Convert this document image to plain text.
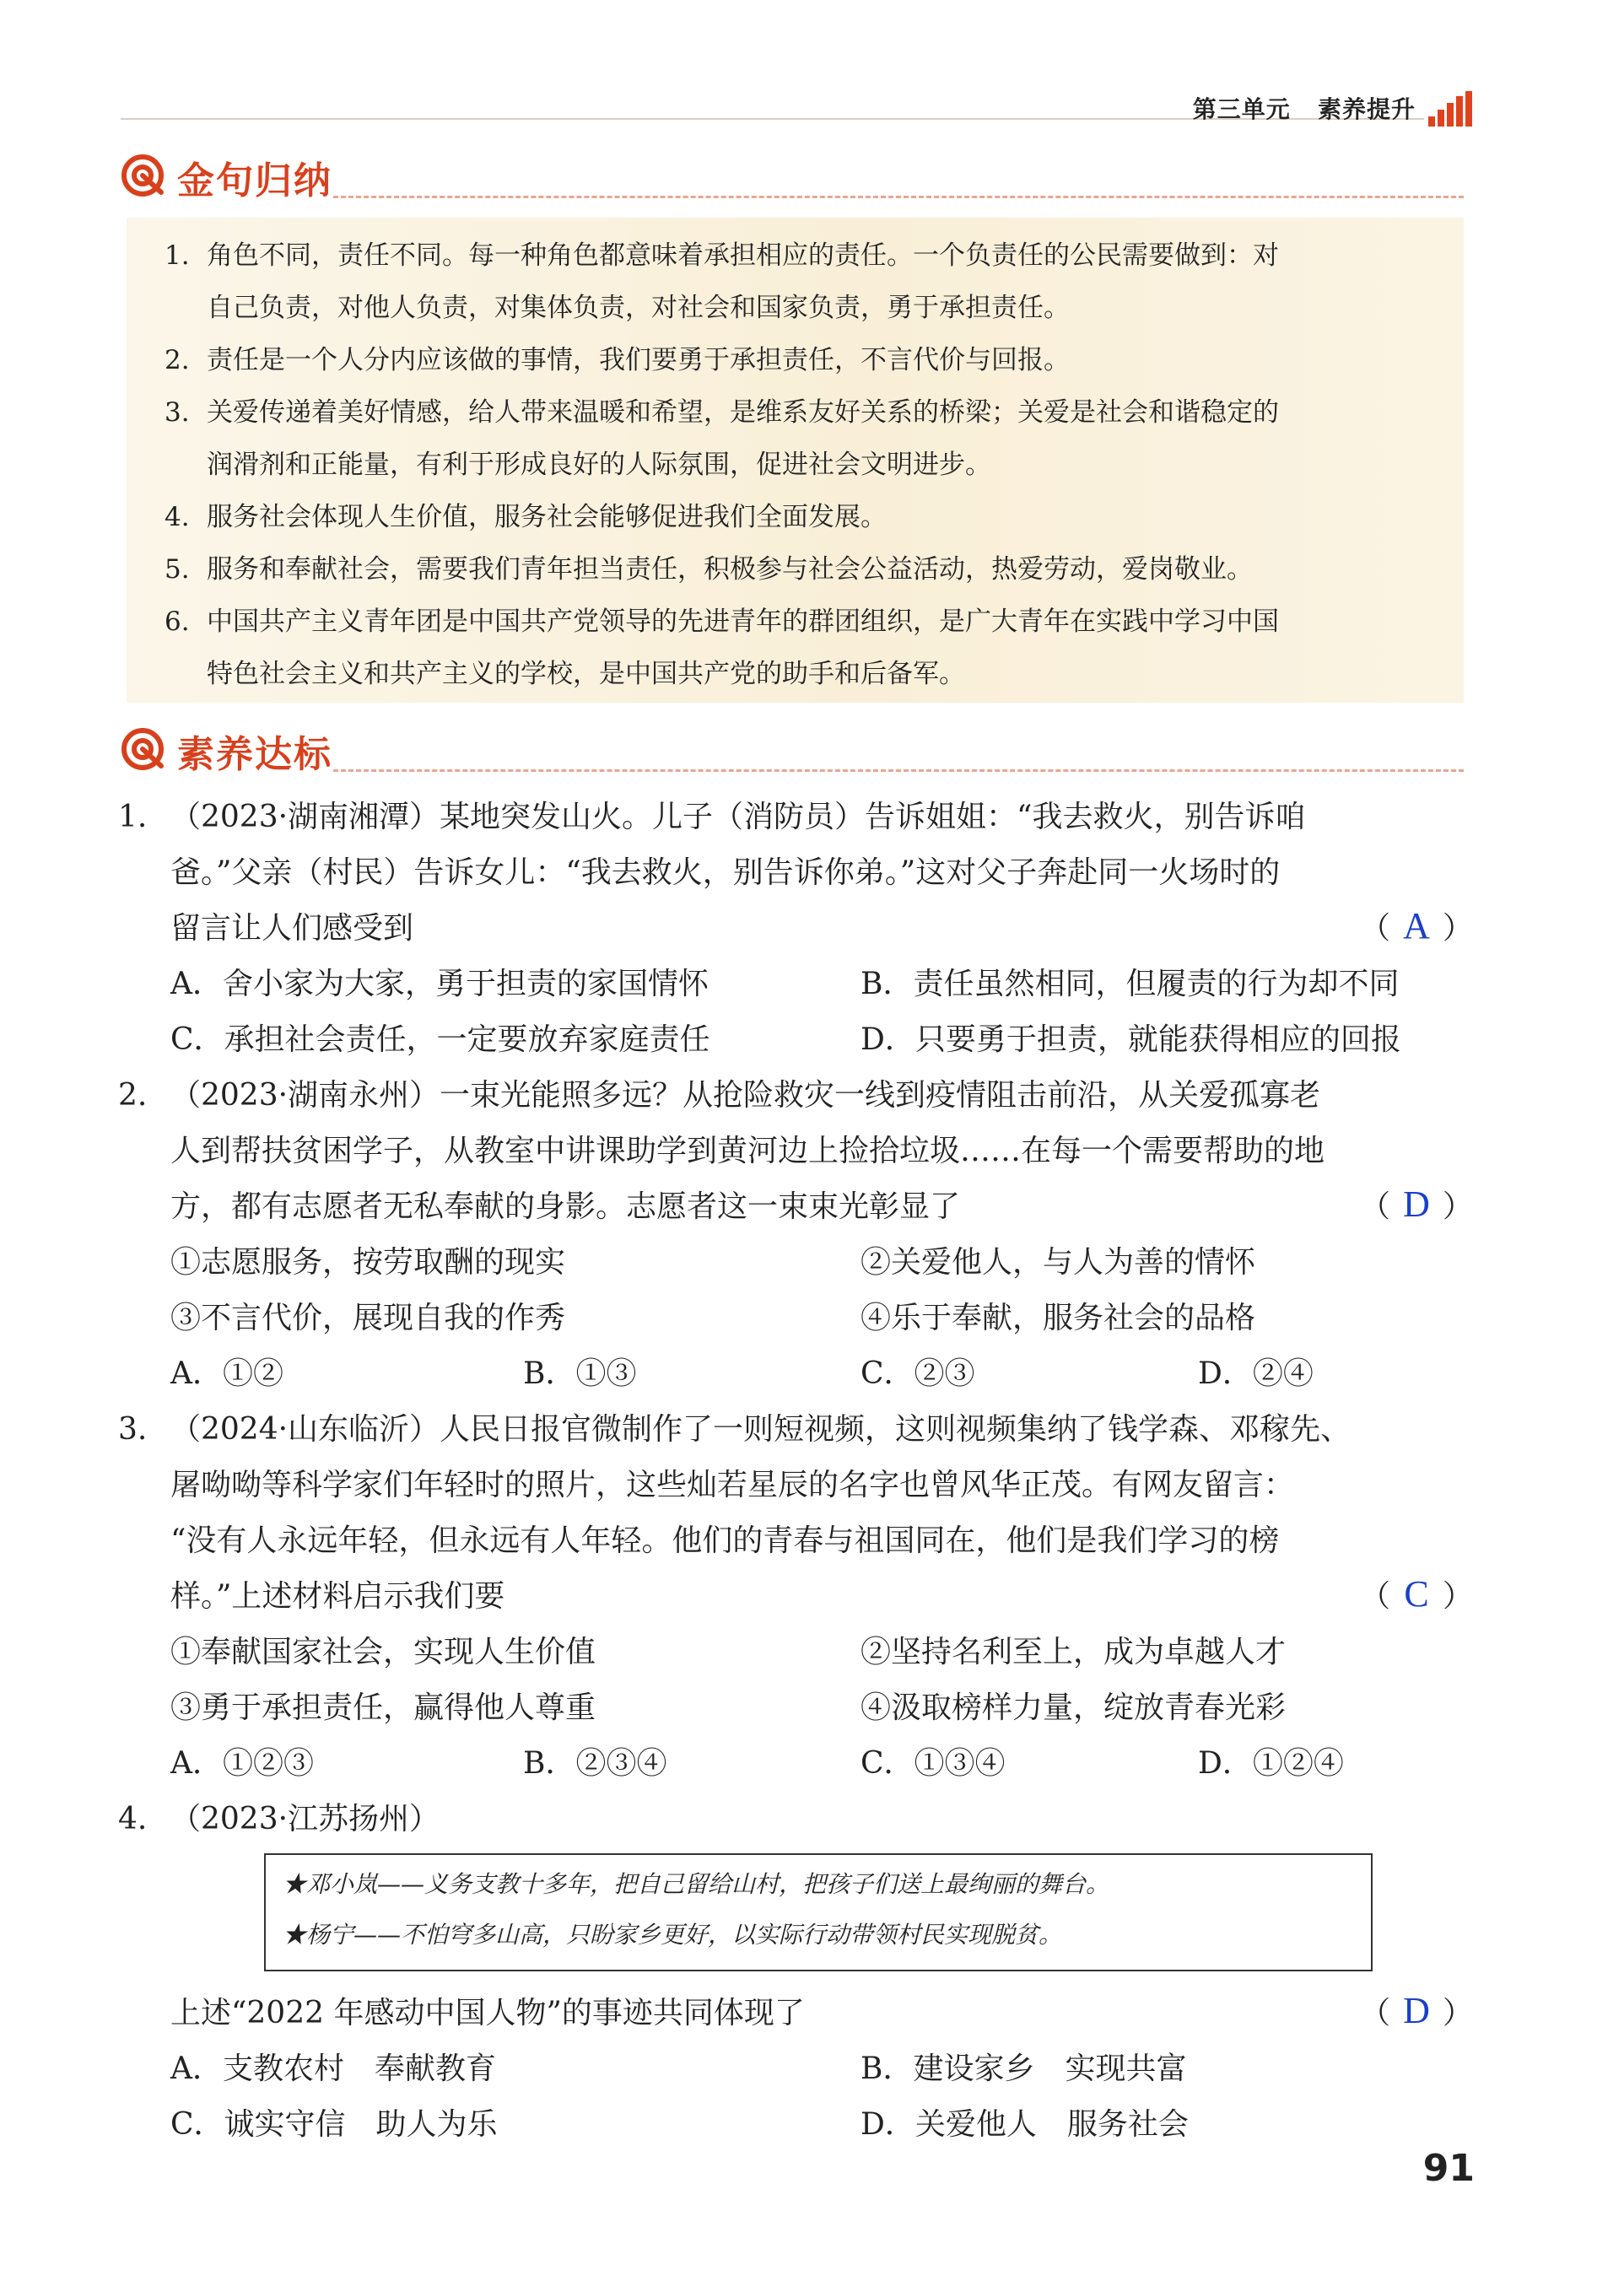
第三单元 素养提升
金句归纳
1. 角色不同，责任不同。每一种角色都意味着承担相应的责任。一个负责任的公民需要做到：对
自己负责，对他人负责，对集体负责，对社会和国家负责，勇于承担责任。
2. 责任是一个人分内应该做的事情，我们要勇于承担责任，不言代价与回报。
3. 关爱传递着美好情感，给人带来温暖和希望，是维系友好关系的桥梁；关爱是社会和谐稳定的
润滑剂和正能量，有利于形成良好的人际氛围，促进社会文明进步。
4. 服务社会体现人生价值，服务社会能够促进我们全面发展。
5. 服务和奉献社会，需要我们青年担当责任，积极参与社会公益活动，热爱劳动，爱岗敬业。
6. 中国共产主义青年团是中国共产党领导的先进青年的群团组织，是广大青年在实践中学习中国
特色社会主义和共产主义的学校，是中国共产党的助手和后备军。
素养达标
1. （2023·湖南湘潭）某地突发山火。儿子（消防员）告诉姐姐：“我去救火，别告诉咱
爸。”父亲（村民）告诉女儿：“我去救火，别告诉你弟。”这对父子奔赴同一火场时的
留言让人们感受到	（ A ）
A．舍小家为大家，勇于担责的家国情怀	B．责任虽然相同，但履责的行为却不同
C．承担社会责任，一定要放弃家庭责任	D．只要勇于担责，就能获得相应的回报
2. （2023·湖南永州）一束光能照多远？从抢险救灾一线到疫情阻击前沿，从关爱孤寡老
人到帮扶贫困学子，从教室中讲课助学到黄河边上捡拾垃圾……在每一个需要帮助的地
方，都有志愿者无私奉献的身影。志愿者这一束束光彰显了	（ D ）
①志愿服务，按劳取酬的现实	②关爱他人，与人为善的情怀
③不言代价，展现自我的作秀	④乐于奉献，服务社会的品格
A．①②	B．①③	C．②③	D．②④
3. （2024·山东临沂）人民日报官微制作了一则短视频，这则视频集纳了钱学森、邓稼先、
屠呦呦等科学家们年轻时的照片，这些灿若星辰的名字也曾风华正茂。有网友留言：
“没有人永远年轻，但永远有人年轻。他们的青春与祖国同在，他们是我们学习的榜
样。”上述材料启示我们要	（ C ）
①奉献国家社会，实现人生价值	②坚持名利至上，成为卓越人才
③勇于承担责任，赢得他人尊重	④汲取榜样力量，绽放青春光彩
A．①②③	B．②③④	C．①③④	D．①②④
4. （2023·江苏扬州）
★邓小岚——义务支教十多年，把自己留给山村，把孩子们送上最绚丽的舞台。
★杨宁——不怕穹多山高，只盼家乡更好，以实际行动带领村民实现脱贫。
上述“2022 年感动中国人物”的事迹共同体现了	（ D ）
A．支教农村　奉献教育	B．建设家乡　实现共富
C．诚实守信　助人为乐	D．关爱他人　服务社会
91
